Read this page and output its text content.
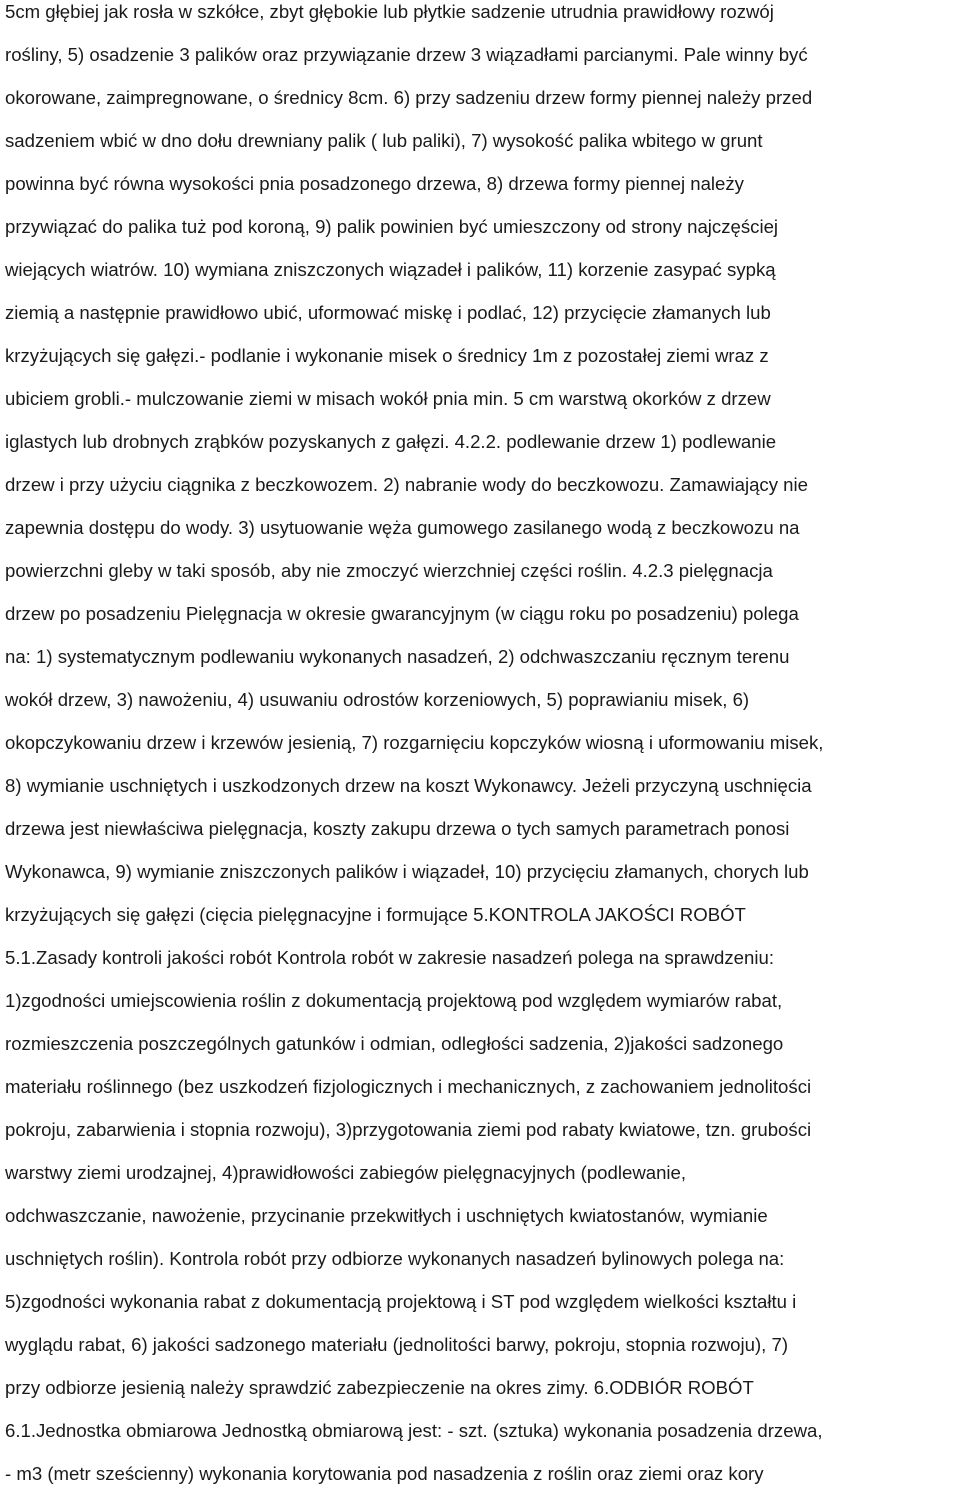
5cm głębiej jak rosła w szkółce, zbyt głębokie lub płytkie sadzenie utrudnia prawidłowy rozwój
rośliny, 5) osadzenie 3 palików oraz przywiązanie drzew 3 wiązadłami parcianymi. Pale winny być
okorowane, zaimpregnowane, o średnicy 8cm. 6) przy sadzeniu drzew formy piennej należy przed
sadzeniem wbić w dno dołu drewniany palik ( lub paliki), 7) wysokość palika wbitego w grunt
powinna być równa wysokości pnia posadzonego drzewa, 8) drzewa formy piennej należy
przywiązać do palika tuż pod koroną, 9) palik powinien być umieszczony od strony najczęściej
wiejących wiatrów. 10) wymiana zniszczonych wiązadeł i palików, 11) korzenie zasypać sypką
ziemią a następnie prawidłowo ubić, uformować miskę i podlać, 12) przycięcie złamanych lub
krzyżujących się gałęzi.- podlanie i wykonanie misek o średnicy 1m z pozostałej ziemi wraz z
ubiciem grobli.- mulczowanie ziemi w misach wokół pnia min. 5 cm warstwą okorków z drzew
iglastych lub drobnych zrąbków pozyskanych z gałęzi. 4.2.2. podlewanie drzew 1) podlewanie
drzew i przy użyciu ciągnika z beczkowozem. 2) nabranie wody do beczkowozu. Zamawiający nie
zapewnia dostępu do wody. 3) usytuowanie węża gumowego zasilanego wodą z beczkowozu na
powierzchni gleby w taki sposób, aby nie zmoczyć wierzchniej części roślin. 4.2.3 pielęgnacja
drzew po posadzeniu Pielęgnacja w okresie gwarancyjnym (w ciągu roku po posadzeniu) polega
na: 1) systematycznym podlewaniu wykonanych nasadzeń, 2) odchwaszczaniu ręcznym terenu
wokół drzew, 3) nawożeniu, 4) usuwaniu odrostów korzeniowych, 5) poprawianiu misek, 6)
okopczykowaniu drzew i krzewów jesienią, 7) rozgarnięciu kopczyków wiosną i uformowaniu misek,
8) wymianie uschniętych i uszkodzonych drzew na koszt Wykonawcy. Jeżeli przyczyną uschnięcia
drzewa jest niewłaściwa pielęgnacja, koszty zakupu drzewa o tych samych parametrach ponosi
Wykonawca, 9) wymianie zniszczonych palików i wiązadeł, 10) przycięciu złamanych, chorych lub
krzyżujących się gałęzi (cięcia pielęgnacyjne i formujące 5.KONTROLA JAKOŚCI ROBÓT
5.1.Zasady kontroli jakości robót Kontrola robót w zakresie nasadzeń polega na sprawdzeniu:
1)zgodności umiejscowienia roślin z dokumentacją projektową pod względem wymiarów rabat,
rozmieszczenia poszczególnych gatunków i odmian, odległości sadzenia, 2)jakości sadzonego
materiału roślinnego (bez uszkodzeń fizjologicznych i mechanicznych, z zachowaniem jednolitości
pokroju, zabarwienia i stopnia rozwoju), 3)przygotowania ziemi pod rabaty kwiatowe, tzn. grubości
warstwy ziemi urodzajnej, 4)prawidłowości zabiegów pielęgnacyjnych (podlewanie,
odchwaszczanie, nawożenie, przycinanie przekwitłych i uschniętych kwiatostanów, wymianie
uschniętych roślin). Kontrola robót przy odbiorze wykonanych nasadzeń bylinowych polega na:
5)zgodności wykonania rabat z dokumentacją projektową i ST pod względem wielkości kształtu i
wyglądu rabat, 6) jakości sadzonego materiału (jednolitości barwy, pokroju, stopnia rozwoju), 7)
przy odbiorze jesienią należy sprawdzić zabezpieczenie na okres zimy. 6.ODBIÓR ROBÓT
6.1.Jednostka obmiarowa Jednostką obmiarową jest: - szt. (sztuka) wykonania posadzenia drzewa,
- m3 (metr sześcienny) wykonania korytowania pod nasadzenia z roślin oraz ziemi oraz kory
